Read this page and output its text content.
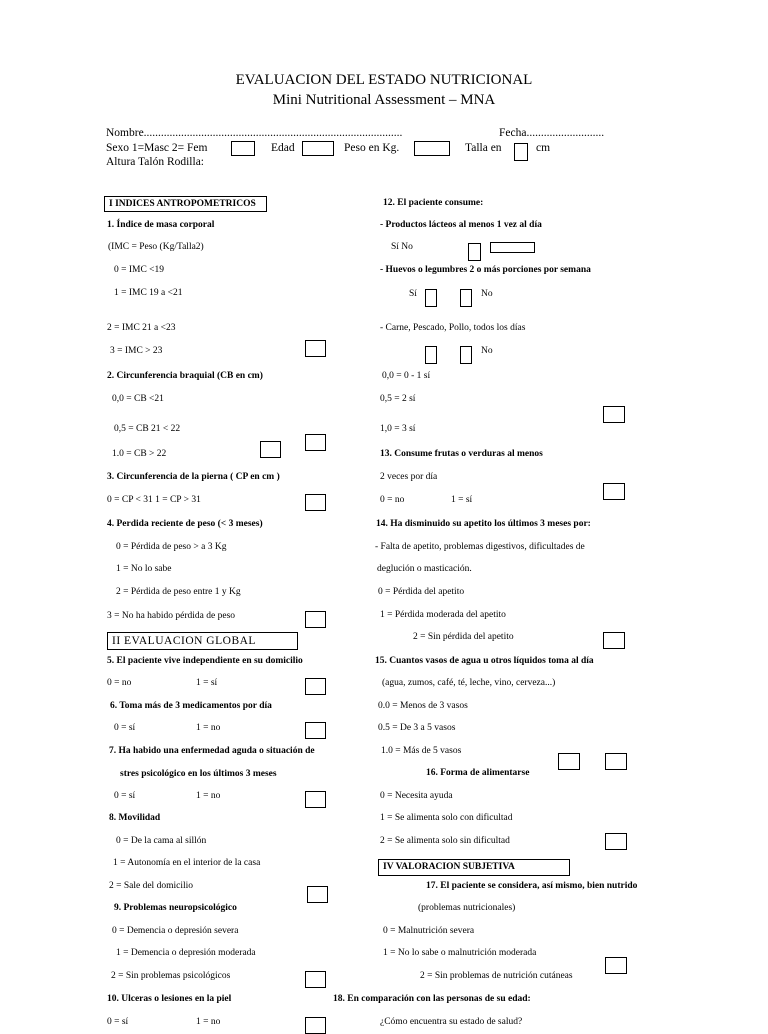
EVALUACION DEL ESTADO NUTRICIONAL
Mini Nutritional Assessment – MNA
Nombre..........................................................................................	Fecha...........................
Sexo 1=Masc 2= Fem	Edad	Peso en Kg.	Talla en	cm
Altura Talón Rodilla:
I INDICES ANTROPOMETRICOS
1. Índice de masa corporal
(IMC = Peso (Kg/Talla2)
0 = IMC <19
1 = IMC 19 a <21
2 = IMC 21 a <23
3 = IMC > 23
2. Circunferencia braquial (CB en cm)
0,0 = CB <21
0,5 = CB 21 < 22
1.0 = CB > 22
3. Circunferencia de la pierna ( CP en cm )
0 = CP < 31 1 = CP > 31
4. Perdida reciente de peso (< 3 meses)
0 = Pérdida de peso > a 3 Kg
1 = No lo sabe
2 = Pérdida de peso entre 1 y Kg
3 = No ha habido pérdida de peso
II EVALUACION GLOBAL
5. El paciente vive independiente en su domicilio
0 = no	1 = sí
6. Toma más de 3 medicamentos por día
0 = sí	1 = no
7. Ha habido una enfermedad aguda o situación de
stres psicológico en los últimos 3 meses
0 = sí	1 = no
8. Movilidad
0 = De la cama al sillón
1 = Autonomía en el interior de la casa
2 = Sale del domicilio
9. Problemas neuropsicológico
0 = Demencia o depresión severa
1 = Demencia o depresión moderada
2 = Sin problemas psicológicos
10. Ulceras o lesiones en la piel
0 = sí	1 = no
12. El paciente consume:
- Productos lácteos al menos 1 vez al día
Sí No
- Huevos o legumbres 2 o más porciones por semana
Sí	No
- Carne, Pescado, Pollo, todos los días
No
0,0 = 0 - 1 sí
0,5 = 2 sí
1,0 = 3 sí
13. Consume frutas o verduras al menos
2 veces por día
0 = no	1 = sí
14. Ha disminuido su apetito los últimos 3 meses por:
- Falta de apetito, problemas digestivos, dificultades de
deglución o masticación.
0 = Pérdida del apetito
1 = Pérdida moderada del apetito
2 = Sin pérdida del apetito
15. Cuantos vasos de agua u otros líquidos toma al día
(agua, zumos, café, té, leche, vino, cerveza...)
0.0 = Menos de 3 vasos
0.5 = De 3 a 5 vasos
1.0 = Más de 5 vasos
16. Forma de alimentarse
0 = Necesita ayuda
1 = Se alimenta solo con dificultad
2 = Se alimenta solo sin dificultad
IV VALORACION SUBJETIVA
17. El paciente se considera, así mismo, bien nutrido
(problemas nutricionales)
0 = Malnutrición severa
1 = No lo sabe o malnutrición moderada
2 = Sin problemas de nutrición cutáneas
18. En comparación con las personas de su edad:
¿Cómo encuentra su estado de salud?
